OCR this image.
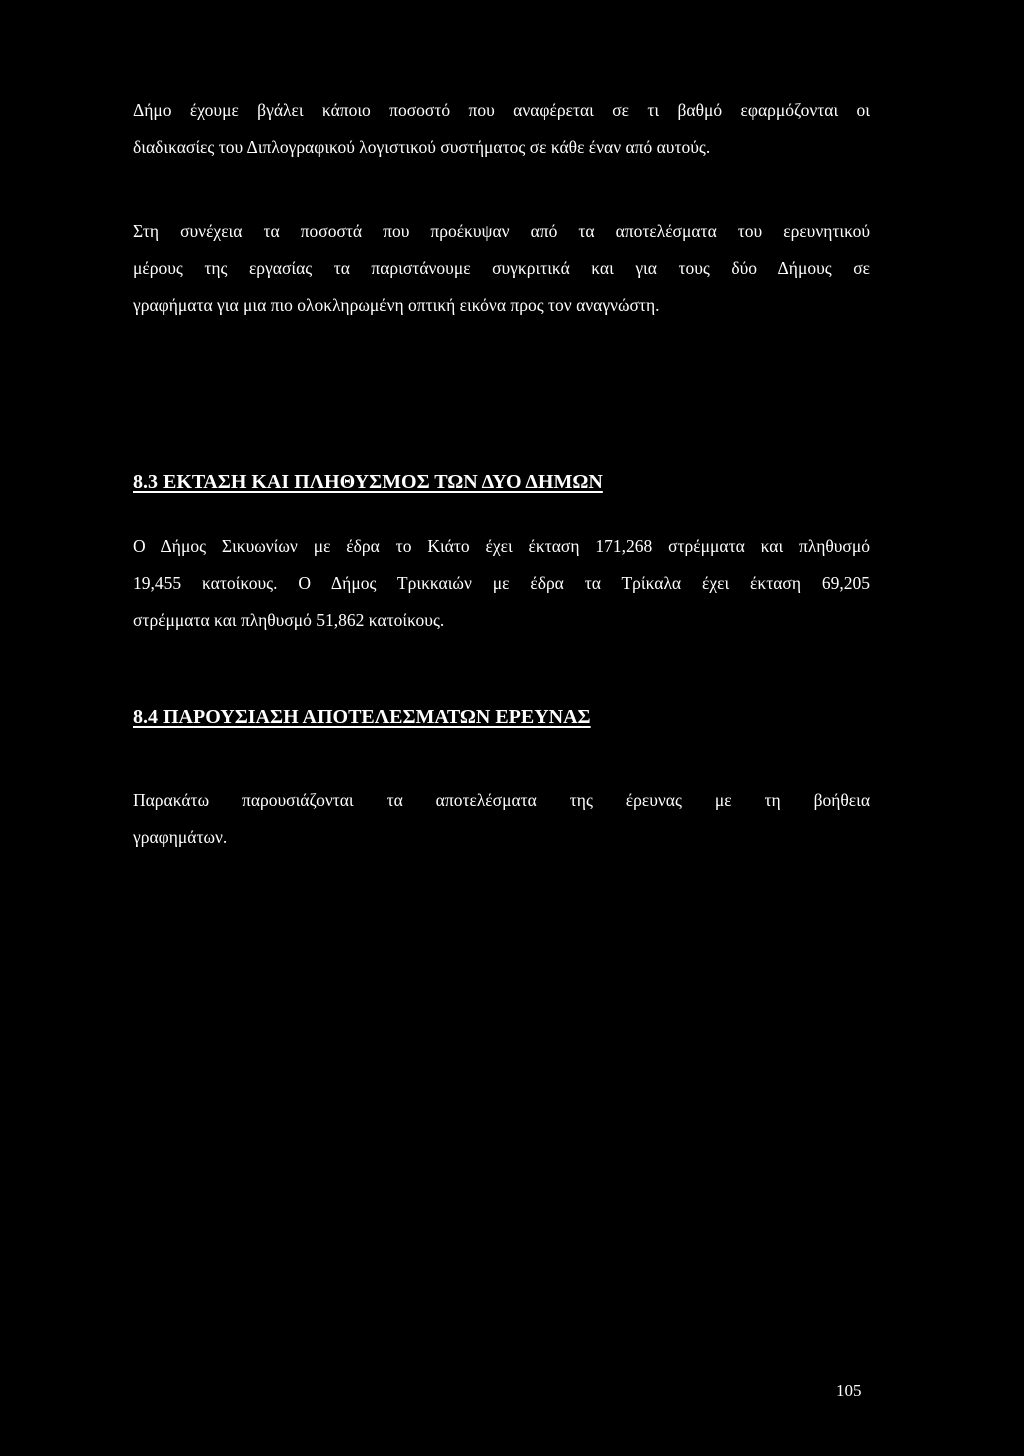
Δήμο έχουμε βγάλει κάποιο ποσοστό που αναφέρεται σε τι βαθμό εφαρμόζονται οι
διαδικασίες του Διπλογραφικού λογιστικού συστήματος σε κάθε έναν από αυτούς.

Στη συνέχεια τα ποσοστά που προέκυψαν από τα αποτελέσματα του ερευνητικού
μέρους της εργασίας τα παριστάνουμε συγκριτικά και για τους δύο Δήμους σε
γραφήματα για μια πιο ολοκληρωμένη οπτική εικόνα προς τον αναγνώστη.

8.3 ΕΚΤΑΣΗ ΚΑΙ ΠΛΗΘΥΣΜΟΣ ΤΩΝ ΔΥΟ ΔΗΜΩΝ

Ο Δήμος Σικυωνίων με έδρα το Κιάτο έχει έκταση 171,268 στρέμματα και πληθυσμό
19,455 κατοίκους. Ο Δήμος Τρικκαιών με έδρα τα Τρίκαλα έχει έκταση 69,205
στρέμματα και πληθυσμό 51,862 κατοίκους.

8.4 ΠΑΡΟΥΣΙΑΣΗ ΑΠΟΤΕΛΕΣΜΑΤΩΝ ΕΡΕΥΝΑΣ

Παρακάτω παρουσιάζονται τα αποτελέσματα της έρευνας με τη βοήθεια
γραφημάτων.

105
